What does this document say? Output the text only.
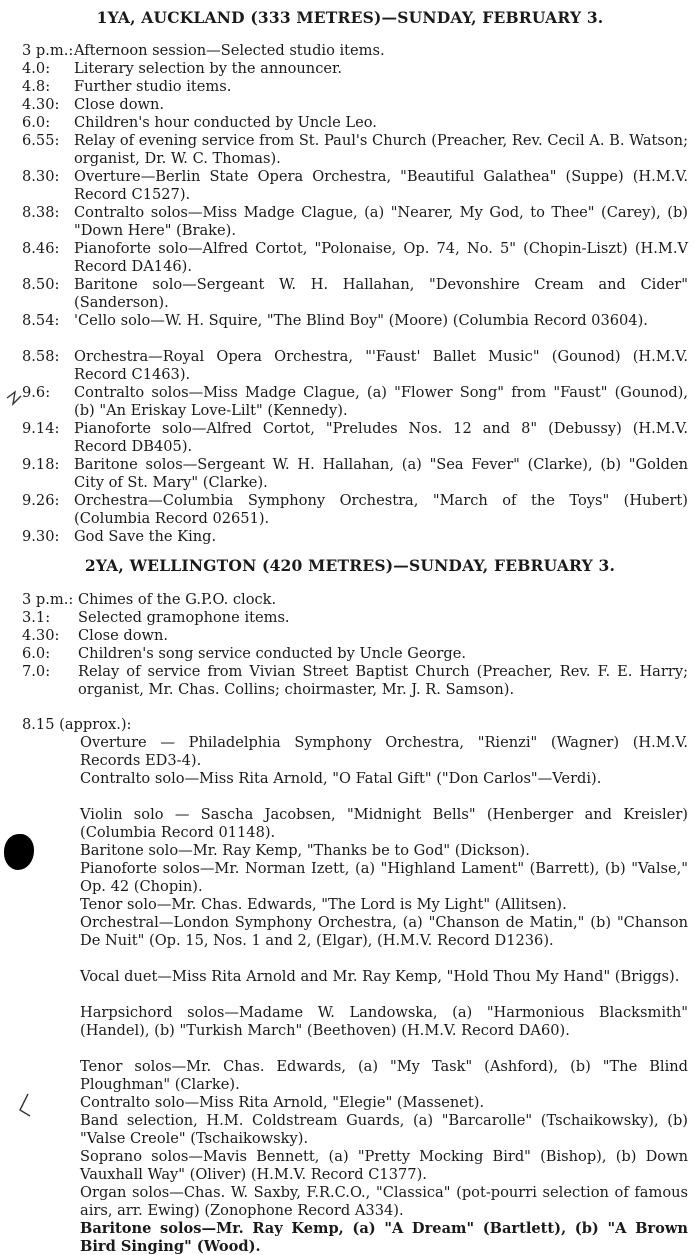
1YA, AUCKLAND (333 METRES)—SUNDAY, FEBRUARY 3.
3 p.m.: Afternoon session—Selected studio items.
4.0: Literary selection by the announcer.
4.8: Further studio items.
4.30: Close down.
6.0: Children's hour conducted by Uncle Leo.
6.55: Relay of evening service from St. Paul's Church (Preacher, Rev. Cecil A. B. Watson; organist, Dr. W. C. Thomas).
8.30: Overture—Berlin State Opera Orchestra, "Beautiful Galathea" (Suppe) (H.M.V. Record C1527).
8.38: Contralto solos—Miss Madge Clague, (a) "Nearer, My God, to Thee" (Carey), (b) "Down Here" (Brake).
8.46: Pianoforte solo—Alfred Cortot, "Polonaise, Op. 74, No. 5" (Chopin-Liszt) (H.M.V Record DA146).
8.50: Baritone solo—Sergeant W. H. Hallahan, "Devonshire Cream and Cider" (Sanderson).
8.54: 'Cello solo—W. H. Squire, "The Blind Boy" (Moore) (Columbia Record 03604).
8.58: Orchestra—Royal Opera Orchestra, "'Faust' Ballet Music" (Gounod) (H.M.V. Record C1463).
9.6: Contralto solos—Miss Madge Clague, (a) "Flower Song" from "Faust" (Gounod), (b) "An Eriskay Love-Lilt" (Kennedy).
9.14: Pianoforte solo—Alfred Cortot, "Preludes Nos. 12 and 8" (Debussy) (H.M.V. Record DB405).
9.18: Baritone solos—Sergeant W. H. Hallahan, (a) "Sea Fever" (Clarke), (b) "Golden City of St. Mary" (Clarke).
9.26: Orchestra—Columbia Symphony Orchestra, "March of the Toys" (Hubert) (Columbia Record 02651).
9.30: God Save the King.
2YA, WELLINGTON (420 METRES)—SUNDAY, FEBRUARY 3.
3 p.m.: Chimes of the G.P.O. clock.
3.1: Selected gramophone items.
4.30: Close down.
6.0: Children's song service conducted by Uncle George.
7.0: Relay of service from Vivian Street Baptist Church (Preacher, Rev. F. E. Harry; organist, Mr. Chas. Collins; choirmaster, Mr. J. R. Samson).
8.15 (approx.):
Overture — Philadelphia Symphony Orchestra, "Rienzi" (Wagner) (H.M.V. Records ED3-4).
Contralto solo—Miss Rita Arnold, "O Fatal Gift" ("Don Carlos"—Verdi).
Violin solo — Sascha Jacobsen, "Midnight Bells" (Henberger and Kreisler) (Columbia Record 01148).
Baritone solo—Mr. Ray Kemp, "Thanks be to God" (Dickson).
Pianoforte solos—Mr. Norman Izett, (a) "Highland Lament" (Barrett), (b) "Valse," Op. 42 (Chopin).
Tenor solo—Mr. Chas. Edwards, "The Lord is My Light" (Allitsen).
Orchestral—London Symphony Orchestra, (a) "Chanson de Matin," (b) "Chanson De Nuit" (Op. 15, Nos. 1 and 2, (Elgar), (H.M.V. Record D1236).
Vocal duet—Miss Rita Arnold and Mr. Ray Kemp, "Hold Thou My Hand" (Briggs).
Harpsichord solos—Madame W. Landowska, (a) "Harmonious Blacksmith" (Handel), (b) "Turkish March" (Beethoven) (H.M.V. Record DA60).
Tenor solos—Mr. Chas. Edwards, (a) "My Task" (Ashford), (b) "The Blind Ploughman" (Clarke).
Contralto solo—Miss Rita Arnold, "Elegie" (Massenet).
Band selection, H.M. Coldstream Guards, (a) "Barcarolle" (Tschaikowsky), (b) "Valse Creole" (Tschaikowsky).
Soprano solos—Mavis Bennett, (a) "Pretty Mocking Bird" (Bishop), (b) Down Vauxhall Way" (Oliver) (H.M.V. Record C1377).
Organ solos—Chas. W. Saxby, F.R.C.O., "Classica" (pot-pourri selection of famous airs, arr. Ewing) (Zonophone Record A334).
Baritone solos—Mr. Ray Kemp, (a) "A Dream" (Bartlett), (b) "A Brown Bird Singing" (Wood).
